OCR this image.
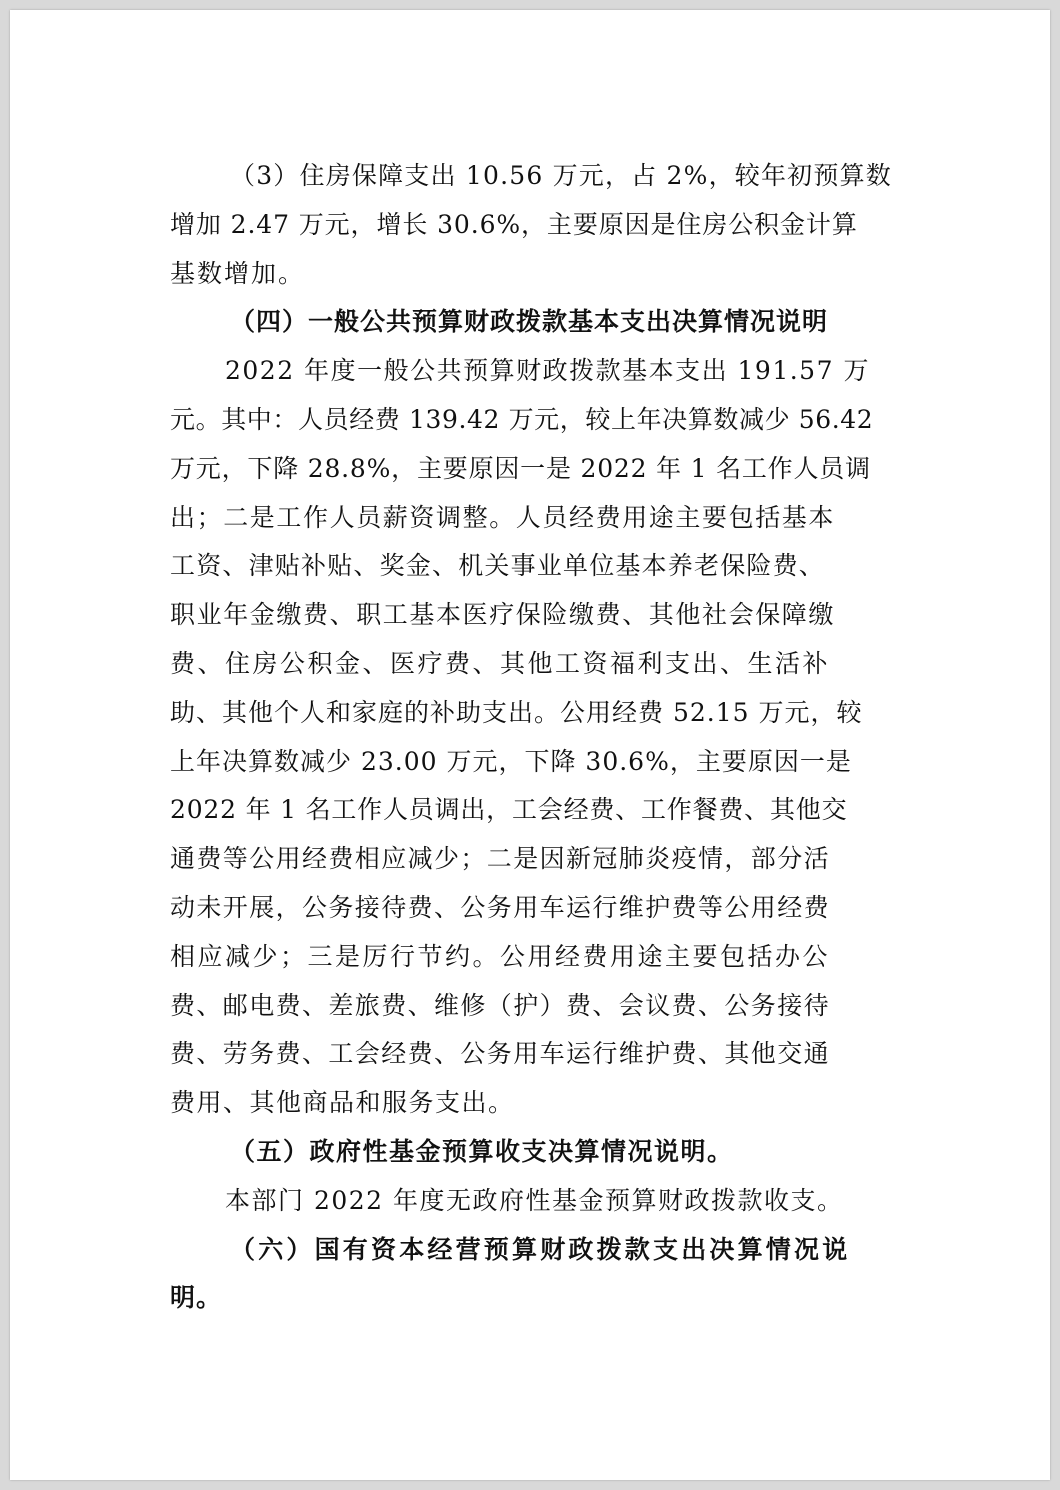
（3）住房保障支出 10.56 万元，占 2%，较年初预算数
增加 2.47 万元，增长 30.6%，主要原因是住房公积金计算
基数增加。
（四）一般公共预算财政拨款基本支出决算情况说明
2022 年度一般公共预算财政拨款基本支出 191.57 万
元。其中：人员经费 139.42 万元，较上年决算数减少 56.42
万元，下降 28.8%，主要原因一是 2022 年 1 名工作人员调
出；二是工作人员薪资调整。人员经费用途主要包括基本
工资、津贴补贴、奖金、机关事业单位基本养老保险费、
职业年金缴费、职工基本医疗保险缴费、其他社会保障缴
费、住房公积金、医疗费、其他工资福利支出、生活补
助、其他个人和家庭的补助支出。公用经费 52.15 万元，较
上年决算数减少 23.00 万元，下降 30.6%，主要原因一是
2022 年 1 名工作人员调出，工会经费、工作餐费、其他交
通费等公用经费相应减少；二是因新冠肺炎疫情，部分活
动未开展，公务接待费、公务用车运行维护费等公用经费
相应减少；三是厉行节约。公用经费用途主要包括办公
费、邮电费、差旅费、维修（护）费、会议费、公务接待
费、劳务费、工会经费、公务用车运行维护费、其他交通
费用、其他商品和服务支出。
（五）政府性基金预算收支决算情况说明。
本部门 2022 年度无政府性基金预算财政拨款收支。
（六）国有资本经营预算财政拨款支出决算情况说
明。
